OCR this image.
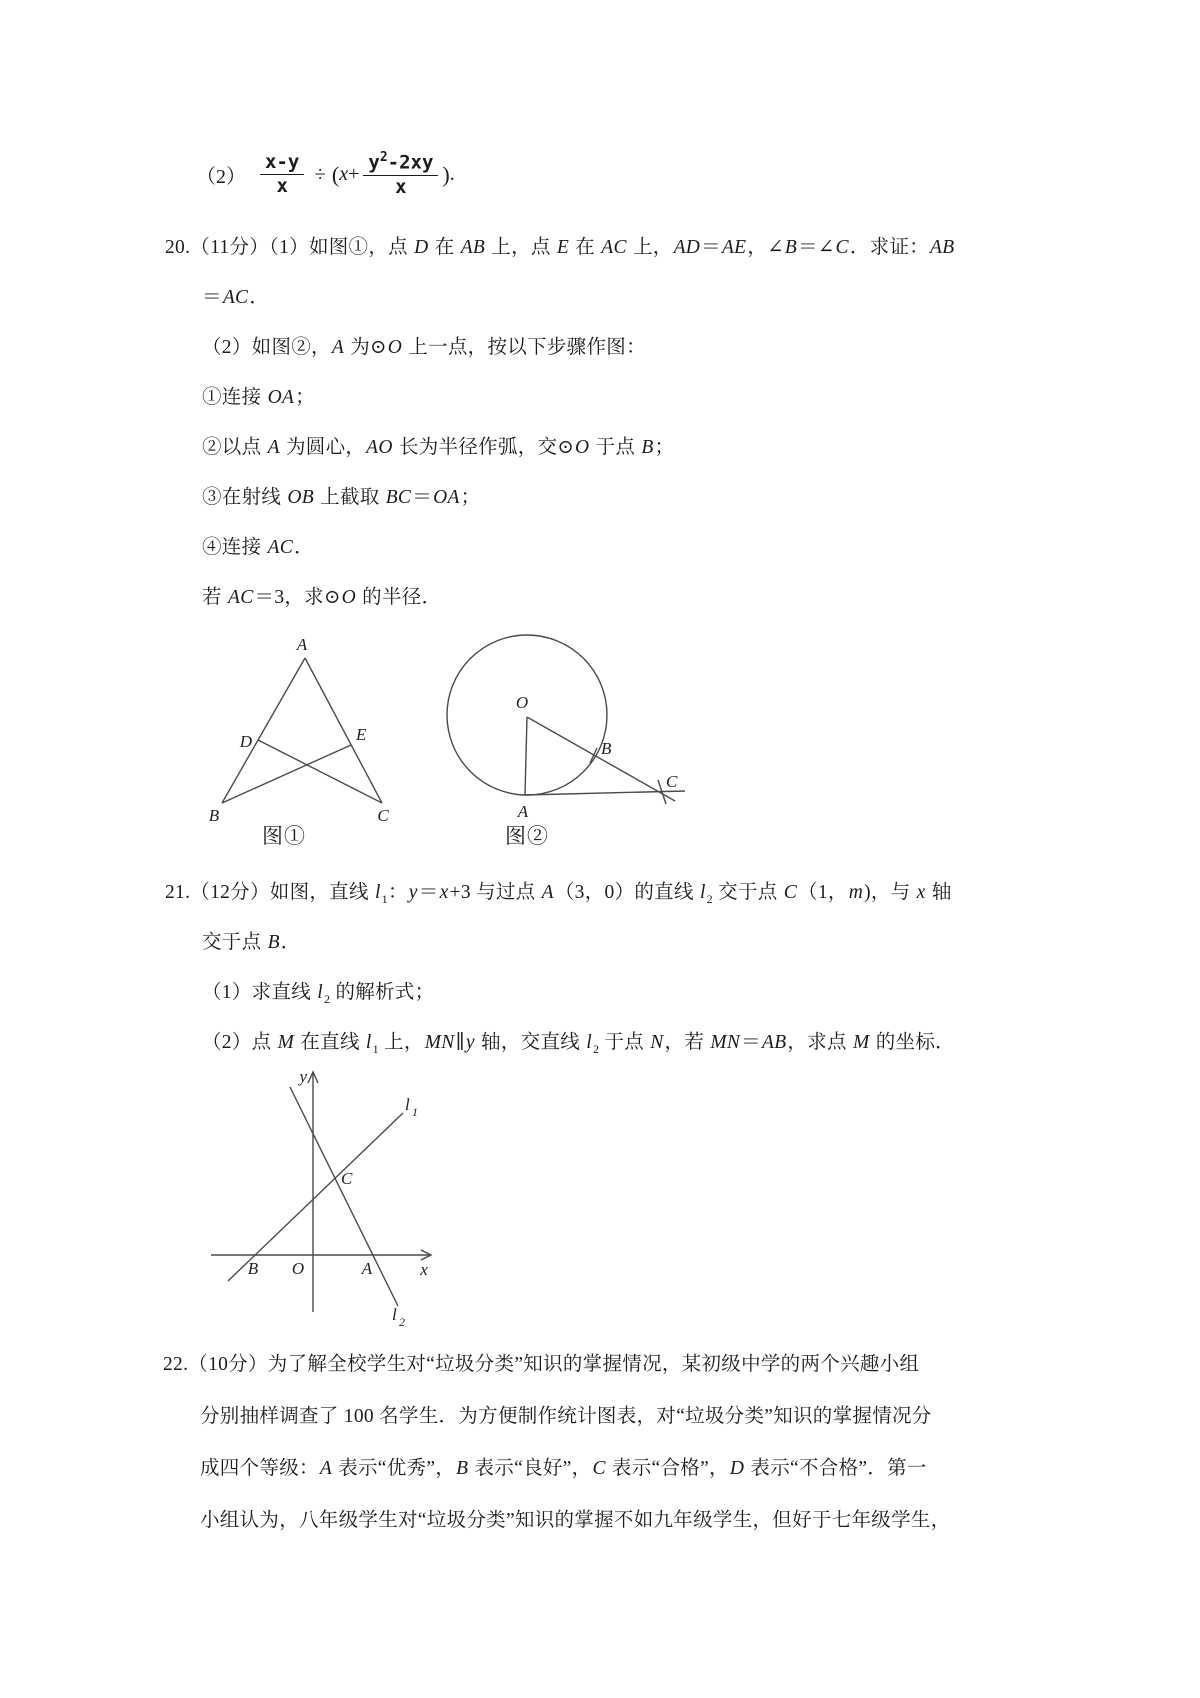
$(2) \frac{x-y}{x}$ ÷ ( $x + \frac{y^2-2xy}{x}$ ) .
20.（11分）（1）如图①，点 D 在 AB 上，点 E 在 AC 上，AD＝AE，∠B＝∠C．求证：AB
＝AC．
（2）如图②，A 为⊙O 上一点，按以下步骤作图：
①连接 OA；
②以点 A 为圆心，AO 长为半径作弧，交⊙O 于点 B；
③在射线 OB 上截取 BC＝OA；
④连接 AC．
若 AC＝3，求⊙O 的半径．
A
D	E
B	C
图①
O
A
B
C
图②
21.（12分）如图，直线 $l_1$：y＝x+3 与过点 A（3，0）的直线 $l_2$ 交于点 C（1，m)，与 x 轴
交于点 B．
（1）求直线 $l_2$ 的解析式；
（2）点 M 在直线 $l_1$ 上，MN∥y 轴，交直线 $l_2$ 于点 N，若 MN＝AB，求点 M 的坐标．
y
x
O
B	A
C
l 1
l 2
22.（10分）为了解全校学生对“垃圾分类”知识的掌握情况，某初级中学的两个兴趣小组
分别抽样调查了 100 名学生．为方便制作统计图表，对“垃圾分类”知识的掌握情况分
成四个等级：A 表示“优秀”，B 表示“良好”，C 表示“合格”，D 表示“不合格”．第一
小组认为，八年级学生对“垃圾分类”知识的掌握不如九年级学生，但好于七年级学生，
